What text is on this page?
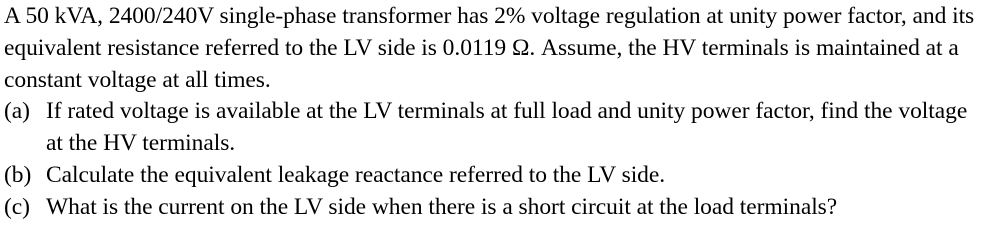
A 50 kVA, 2400/240V single-phase transformer has 2% voltage regulation at unity power factor, and its equivalent resistance referred to the LV side is 0.0119 Ω. Assume, the HV terminals is maintained at a constant voltage at all times.

(a) If rated voltage is available at the LV terminals at full load and unity power factor, find the voltage at the HV terminals.
(b) Calculate the equivalent leakage reactance referred to the LV side.
(c) What is the current on the LV side when there is a short circuit at the load terminals?
